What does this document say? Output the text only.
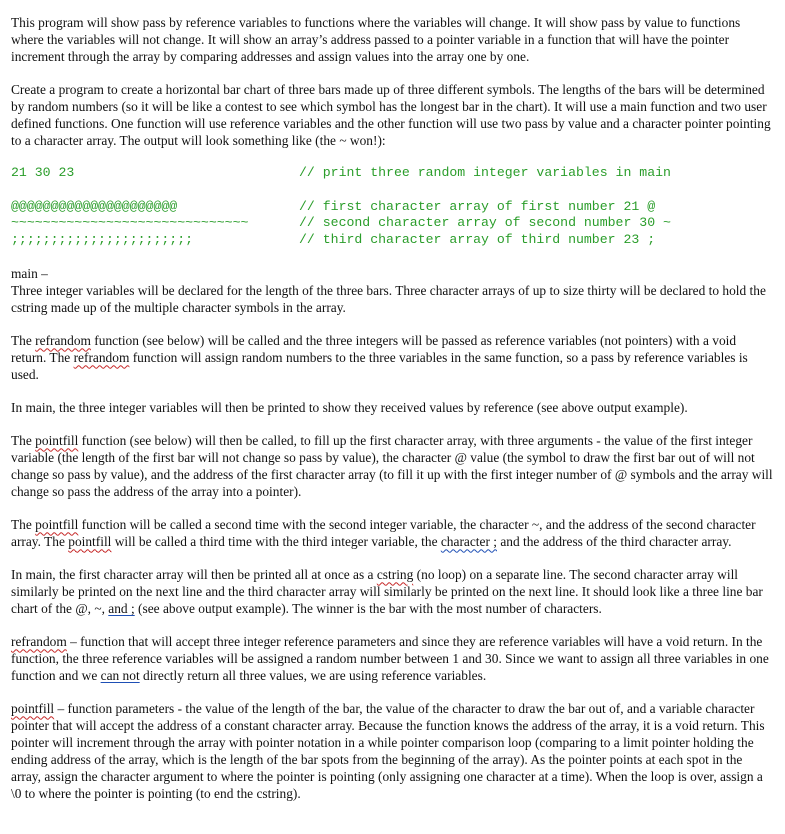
This program will show pass by reference variables to functions where the variables will change. It will show pass by value to functions where the variables will not change. It will show an array’s address passed to a pointer variable in a function that will have the pointer increment through the array by comparing addresses and assign values into the array one by one.

Create a program to create a horizontal bar chart of three bars made up of three different symbols. The lengths of the bars will be determined by random numbers (so it will be like a contest to see which symbol has the longest bar in the chart). It will use a main function and two user defined functions. One function will use reference variables and the other function will use two pass by value and a character pointer pointing to a character array. The output will look something like (the ~ won!):

21 30 23	// print three random integer variables in main
@@@@@@@@@@@@@@@@@@@@@	// first character array of first number 21 @
~~~~~~~~~~~~~~~~~~~~~~~~~~~~~~	// second character array of second number 30 ~
;;;;;;;;;;;;;;;;;;;;;;;	// third character array of third number 23 ;

main –

Three integer variables will be declared for the length of the three bars. Three character arrays of up to size thirty will be declared to hold the cstring made up of the multiple character symbols in the array.

The refrandom function (see below) will be called and the three integers will be passed as reference variables (not pointers) with a void return. The refrandom function will assign random numbers to the three variables in the same function, so a pass by reference variables is used.

In main, the three integer variables will then be printed to show they received values by reference (see above output example).

The pointfill function (see below) will then be called, to fill up the first character array, with three arguments - the value of the first integer variable (the length of the first bar will not change so pass by value), the character @ value (the symbol to draw the first bar out of will not change so pass by value), and the address of the first character array (to fill it up with the first integer number of @ symbols and the array will change so pass the address of the array into a pointer).

The pointfill function will be called a second time with the second integer variable, the character ~, and the address of the second character array. The pointfill will be called a third time with the third integer variable, the character ; and the address of the third character array.

In main, the first character array will then be printed all at once as a cstring (no loop) on a separate line. The second character array will similarly be printed on the next line and the third character array will similarly be printed on the next line. It should look like a three line bar chart of the @, ~, and ; (see above output example). The winner is the bar with the most number of characters.

refrandom – function that will accept three integer reference parameters and since they are reference variables will have a void return. In the function, the three reference variables will be assigned a random number between 1 and 30. Since we want to assign all three variables in one function and we can not directly return all three values, we are using reference variables.

pointfill – function parameters - the value of the length of the bar, the value of the character to draw the bar out of, and a variable character pointer that will accept the address of a constant character array. Because the function knows the address of the array, it is a void return. This pointer will increment through the array with pointer notation in a while pointer comparison loop (comparing to a limit pointer holding the ending address of the array, which is the length of the bar spots from the beginning of the array). As the pointer points at each spot in the array, assign the character argument to where the pointer is pointing (only assigning one character at a time). When the loop is over, assign a \0 to where the pointer is pointing (to end the cstring).
